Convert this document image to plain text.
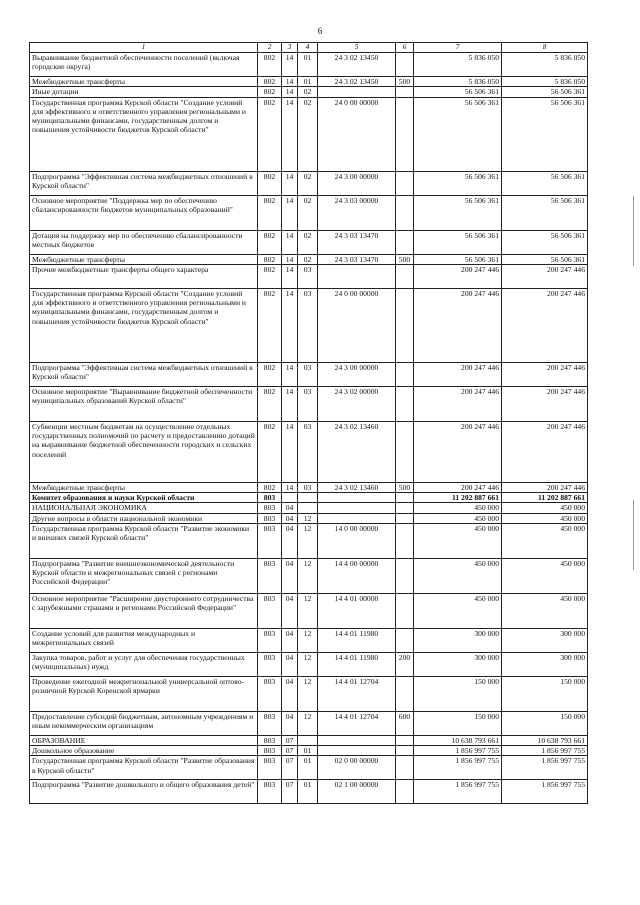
6
1	2	3	4	5	6	7	8
Выравнивание бюджетной обеспеченности поселений (включая городские округа)	802	14	01	24 3 02 13450		5 836 050	5 836 050
Межбюджетные трансферты	802	14	01	24 3 02 13450	500	5 836 050	5 836 050
Иные дотации	802	14	02			56 506 361	56 506 361
Государственная программа Курской области "Создание условий для эффективного и ответственного управления региональными и муниципальными финансами, государственным долгом и повышения устойчивости бюджетов Курской области"	802	14	02	24 0 00 00000		56 506 361	56 506 361
Подпрограмма "Эффективная система межбюджетных отношений в Курской области"	802	14	02	24 3 00 00000		56 506 361	56 506 361
Основное мероприятие "Поддержка мер по обеспечению сбалансированности бюджетов муниципальных образований"	802	14	02	24 3 03 00000		56 506 361	56 506 361
Дотация на поддержку мер по обеспечению сбалансированности местных бюджетов	802	14	02	24 3 03 13470		56 506 361	56 506 361
Межбюджетные трансферты	802	14	02	24 3 03 13470	500	56 506 361	56 506 361
Прочие межбюджетные трансферты общего характера	802	14	03			200 247 446	200 247 446
Государственная программа Курской области "Создание условий для эффективного и ответственного управления региональными и муниципальными финансами, государственным долгом и повышения устойчивости бюджетов Курской области"	802	14	03	24 0 00 00000		200 247 446	200 247 446
Подпрограмма "Эффективная система межбюджетных отношений в Курской области"	802	14	03	24 3 00 00000		200 247 446	200 247 446
Основное мероприятие "Выравнивание бюджетной обеспеченности муниципальных образований Курской области"	802	14	03	24 3 02 00000		200 247 446	200 247 446
Субвенции местным бюджетам на осуществление отдельных государственных полномочий по расчету и предоставлению дотаций на выравнивание бюджетной обеспеченности городских и сельских поселений	802	14	03	24 3 02 13460		200 247 446	200 247 446
Межбюджетные трансферты	802	14	03	24 3 02 13460	500	200 247 446	200 247 446
Комитет образования и науки Курской области	803					11 202 887 661	11 202 887 661
НАЦИОНАЛЬНАЯ ЭКОНОМИКА	803	04				450 000	450 000
Другие вопросы в области национальной экономики	803	04	12			450 000	450 000
Государственная программа Курской области "Развитие экономики и внешних связей Курской области"	803	04	12	14 0 00 00000		450 000	450 000
Подпрограмма "Развитие внешнеэкономической деятельности Курской области и межрегиональных связей с регионами Российской Федерации"	803	04	12	14 4 00 00000		450 000	450 000
Основное мероприятие "Расширение двустороннего сотрудничества с зарубежными странами и регионами Российской Федерации"	803	04	12	14 4 01 00000		450 000	450 000
Создание условий для развития международных и межрегиональных связей	803	04	12	14 4 01 11980		300 000	300 000
Закупка товаров, работ и услуг для обеспечения государственных (муниципальных) нужд	803	04	12	14 4 01 11980	200	300 000	300 000
Проведение ежегодной межрегиональной универсальной оптово-розничной Курской Коренской ярмарки	803	04	12	14 4 01 12704		150 000	150 000
Предоставление субсидий бюджетным, автономным учреждениям и иным некоммерческим организациям	803	04	12	14 4 01 12704	600	150 000	150 000
ОБРАЗОВАНИЕ	803	07				10 638 793 661	10 638 793 661
Дошкольное образование	803	07	01			1 856 997 755	1 856 997 755
Государственная программа Курской области "Развитие образования в Курской области"	803	07	01	02 0 00 00000		1 856 997 755	1 856 997 755
Подпрограмма "Развитие дошкольного и общего образования детей"	803	07	01	02 1 00 00000		1 856 997 755	1 856 997 755
